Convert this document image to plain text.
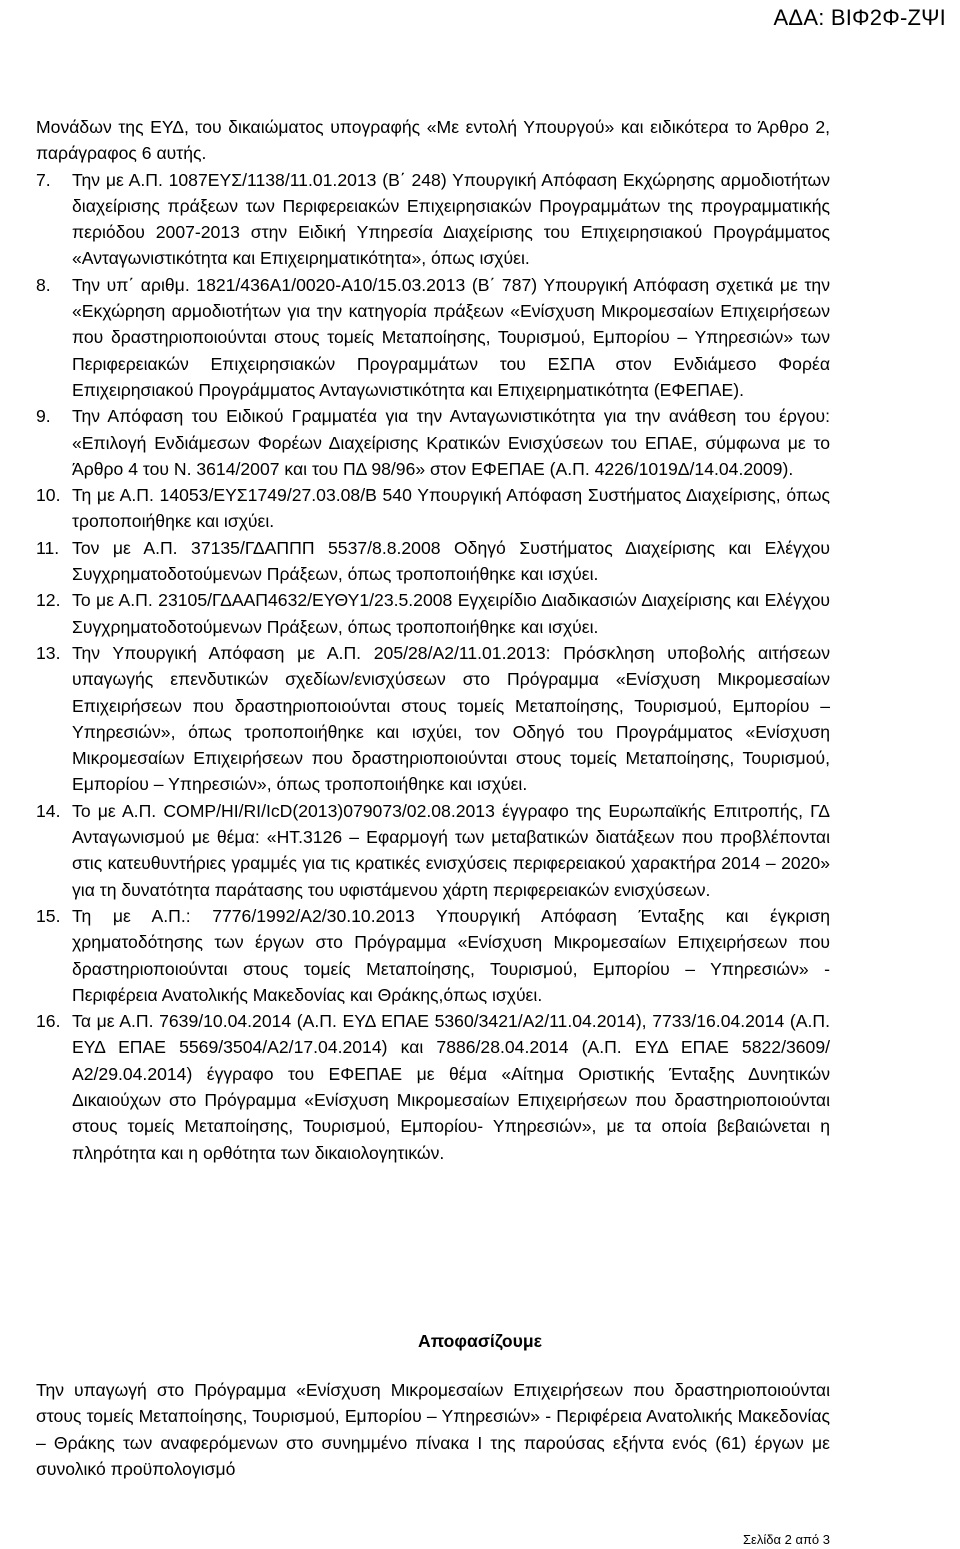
ΑΔΑ: ΒΙΦ2Φ-ΖΨΙ

Μονάδων της ΕΥΔ, του δικαιώματος υπογραφής «Με εντολή Υπουργού» και ειδικότερα το Άρθρο 2, παράγραφος 6 αυτής.

7.	Την με Α.Π. 1087ΕΥΣ/1138/11.01.2013 (Β΄ 248) Υπουργική Απόφαση Εκχώρησης αρμοδιοτήτων διαχείρισης πράξεων των Περιφερειακών Επιχειρησιακών Προγραμμάτων της προγραμματικής περιόδου 2007-2013 στην Ειδική Υπηρεσία Διαχείρισης του Επιχειρησιακού Προγράμματος «Ανταγωνιστικότητα και Επιχειρηματικότητα», όπως ισχύει.
8.	Την υπ΄ αριθμ. 1821/436Α1/0020-Α10/15.03.2013 (Β΄ 787) Υπουργική Απόφαση σχετικά με την «Εκχώρηση αρμοδιοτήτων για την κατηγορία πράξεων «Ενίσχυση Μικρομεσαίων Επιχειρήσεων που δραστηριοποιούνται στους τομείς Μεταποίησης, Τουρισμού, Εμπορίου – Υπηρεσιών» των Περιφερειακών Επιχειρησιακών Προγραμμάτων του ΕΣΠΑ στον Ενδιάμεσο Φορέα Επιχειρησιακού Προγράμματος Ανταγωνιστικότητα και Επιχειρηματικότητα (ΕΦΕΠΑΕ).
9.	Την Απόφαση του Ειδικού Γραμματέα για την Ανταγωνιστικότητα για την ανάθεση του έργου: «Επιλογή Ενδιάμεσων Φορέων Διαχείρισης Κρατικών Ενισχύσεων του ΕΠΑΕ, σύμφωνα με το Άρθρο 4 του Ν. 3614/2007 και του ΠΔ 98/96» στον ΕΦΕΠΑΕ (Α.Π. 4226/1019Δ/14.04.2009).
10. Τη με Α.Π. 14053/ΕΥΣ1749/27.03.08/Β 540 Υπουργική Απόφαση Συστήματος Διαχείρισης, όπως τροποποιήθηκε και ισχύει.
11. Τον με Α.Π. 37135/ΓΔΑΠΠΠ 5537/8.8.2008 Οδηγό Συστήματος Διαχείρισης και Ελέγχου Συγχρηματοδοτούμενων Πράξεων, όπως τροποποιήθηκε και ισχύει.
12. Το με Α.Π. 23105/ΓΔΑΑΠ4632/ΕΥΘΥ1/23.5.2008 Εγχειρίδιο Διαδικασιών Διαχείρισης και Ελέγχου Συγχρηματοδοτούμενων Πράξεων, όπως τροποποιήθηκε και ισχύει.
13. Την Υπουργική Απόφαση με Α.Π. 205/28/Α2/11.01.2013: Πρόσκληση υποβολής αιτήσεων υπαγωγής επενδυτικών σχεδίων/ενισχύσεων στο Πρόγραμμα «Ενίσχυση Μικρομεσαίων Επιχειρήσεων που δραστηριοποιούνται στους τομείς Μεταποίησης, Τουρισμού, Εμπορίου – Υπηρεσιών», όπως τροποποιήθηκε και ισχύει, τον Οδηγό του Προγράμματος «Ενίσχυση Μικρομεσαίων Επιχειρήσεων που δραστηριοποιούνται στους τομείς Μεταποίησης, Τουρισμού, Εμπορίου – Υπηρεσιών», όπως τροποποιήθηκε και ισχύει.
14. Το με Α.Π. COMP/HI/RI/IcD(2013)079073/02.08.2013 έγγραφο της Ευρωπαϊκής Επιτροπής, ΓΔ Ανταγωνισμού με θέμα: «ΗΤ.3126 – Εφαρμογή των μεταβατικών διατάξεων που προβλέπονται στις κατευθυντήριες γραμμές για τις κρατικές ενισχύσεις περιφερειακού χαρακτήρα 2014 – 2020» για τη δυνατότητα παράτασης του υφιστάμενου χάρτη περιφερειακών ενισχύσεων.
15. Τη με Α.Π.: 7776/1992/Α2/30.10.2013 Υπουργική Απόφαση Ένταξης και έγκριση χρηματοδότησης των έργων στο Πρόγραμμα «Ενίσχυση Μικρομεσαίων Επιχειρήσεων που δραστηριοποιούνται στους τομείς Μεταποίησης, Τουρισμού, Εμπορίου – Υπηρεσιών» - Περιφέρεια Ανατολικής Μακεδονίας και Θράκης,όπως ισχύει.
16. Τα με Α.Π. 7639/10.04.2014 (Α.Π. ΕΥΔ ΕΠΑΕ 5360/3421/Α2/11.04.2014), 7733/16.04.2014 (Α.Π. ΕΥΔ ΕΠΑΕ 5569/3504/Α2/17.04.2014) και 7886/28.04.2014 (Α.Π. ΕΥΔ ΕΠΑΕ 5822/3609/Α2/29.04.2014) έγγραφο του ΕΦΕΠΑΕ με θέμα «Αίτημα Οριστικής Ένταξης Δυνητικών Δικαιούχων στο Πρόγραμμα «Ενίσχυση Μικρομεσαίων Επιχειρήσεων που δραστηριοποιούνται στους τομείς Μεταποίησης, Τουρισμού, Εμπορίου- Υπηρεσιών», με τα οποία βεβαιώνεται η πληρότητα και η ορθότητα των δικαιολογητικών.
Αποφασίζουμε

Την υπαγωγή στο Πρόγραμμα «Ενίσχυση Μικρομεσαίων Επιχειρήσεων που δραστηριοποιούνται στους τομείς Μεταποίησης, Τουρισμού, Εμπορίου – Υπηρεσιών» - Περιφέρεια Ανατολικής Μακεδονίας – Θράκης των αναφερόμενων στο συνημμένο πίνακα Ι της παρούσας εξήντα ενός (61) έργων με συνολικό προϋπολογισμό

Σελίδα 2 από 3
